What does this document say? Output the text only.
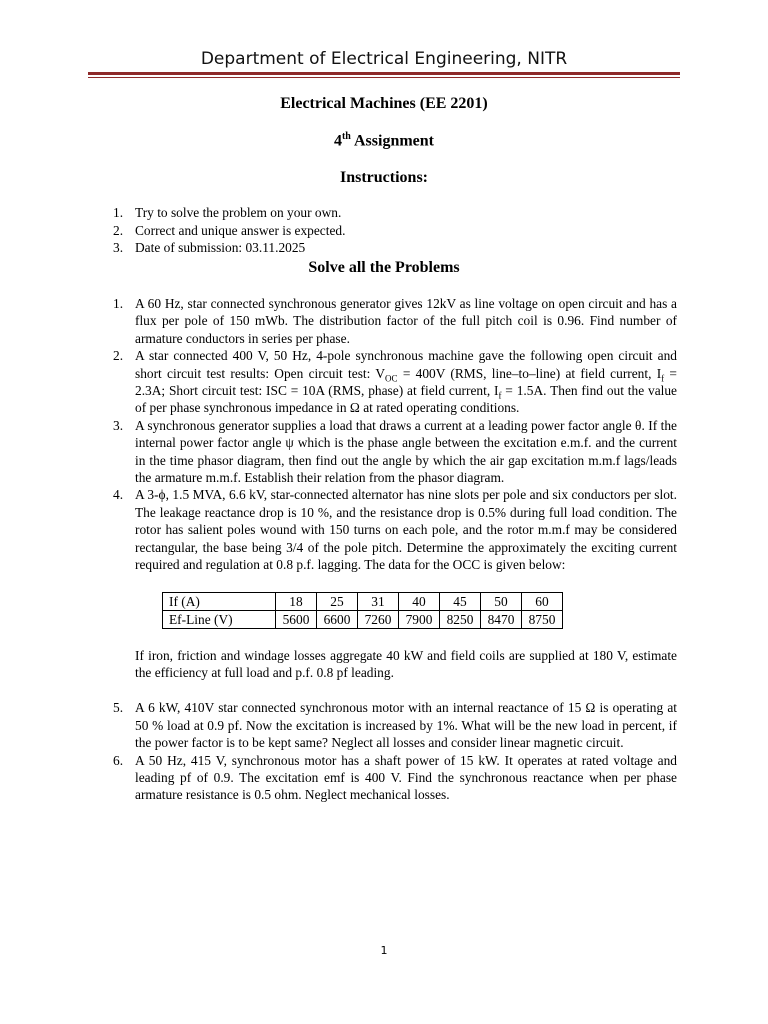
Department of Electrical Engineering, NITR
Electrical Machines (EE 2201)
4th Assignment
Instructions:
1. Try to solve the problem on your own.
2. Correct and unique answer is expected.
3. Date of submission: 03.11.2025
Solve all the Problems
1. A 60 Hz, star connected synchronous generator gives 12kV as line voltage on open circuit and has a flux per pole of 150 mWb. The distribution factor of the full pitch coil is 0.96. Find number of armature conductors in series per phase.
2. A star connected 400 V, 50 Hz, 4-pole synchronous machine gave the following open circuit and short circuit test results: Open circuit test: $V_{OC} = 400V$ (RMS, line–to–line) at field current, $I_f = 2.3A$; Short circuit test: ISC = 10A (RMS, phase) at field current, $I_f = 1.5A$. Then find out the value of per phase synchronous impedance in Ω at rated operating conditions.
3. A synchronous generator supplies a load that draws a current at a leading power factor angle θ. If the internal power factor angle ψ which is the phase angle between the excitation e.m.f. and the current in the time phasor diagram, then find out the angle by which the air gap excitation m.m.f lags/leads the armature m.m.f. Establish their relation from the phasor diagram.
4. A 3-ϕ, 1.5 MVA, 6.6 kV, star-connected alternator has nine slots per pole and six conductors per slot. The leakage reactance drop is 10 %, and the resistance drop is 0.5% during full load condition. The rotor has salient poles wound with 150 turns on each pole, and the rotor m.m.f may be considered rectangular, the base being 3/4 of the pole pitch. Determine the approximately the exciting current required and regulation at 0.8 p.f. lagging. The data for the OCC is given below:
If (A)	18	25	31	40	45	50	60
Ef-Line (V)	5600	6600	7260	7900	8250	8470	8750
If iron, friction and windage losses aggregate 40 kW and field coils are supplied at 180 V, estimate the efficiency at full load and p.f. 0.8 pf leading.
5. A 6 kW, 410V star connected synchronous motor with an internal reactance of 15 Ω is operating at 50 % load at 0.9 pf. Now the excitation is increased by 1%. What will be the new load in percent, if the power factor is to be kept same? Neglect all losses and consider linear magnetic circuit.
6. A 50 Hz, 415 V, synchronous motor has a shaft power of 15 kW. It operates at rated voltage and leading pf of 0.9. The excitation emf is 400 V. Find the synchronous reactance when per phase armature resistance is 0.5 ohm. Neglect mechanical losses.
1
